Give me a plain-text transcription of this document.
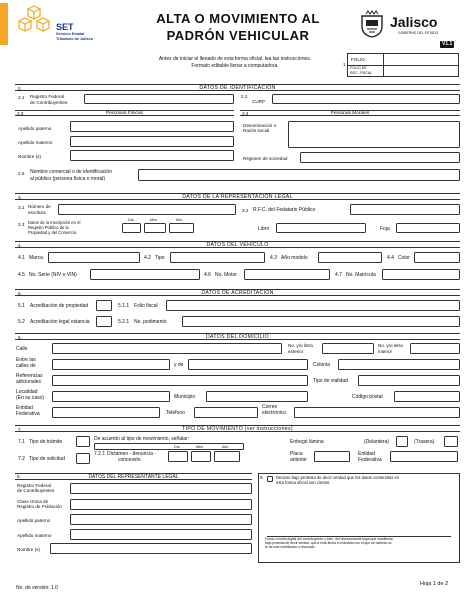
SET
Servicio Estatal
Tributario de Jalisco
ALTA O MOVIMIENTO AL
PADRÓN VEHICULAR
Jalisco
GOBIERNO DEL ESTADO
V1.1
Antes de iniciar el llenado de esta forma oficial, lea las instrucciones.
Formato editable llenar a computadora.	1.
FOLIO
FOLIO DE
REC. FISCAL
2.	DATOS DE IDENTIFICACIÓN
2.1 Registro Federal
de Contribuyentes
2.2
CURP
2.3	Personas Físicas	2.4	Personas Morales
Apellido paterno
Apellido materno
Nombre (s)
Denominación o
Razón social
Régimen de sociedad
2.5 Nombre comercial o de identificación
al público (persona física o moral)
3.	DATOS DE LA REPRESENTACIÓN LEGAL
3.1 Número de
escritura	3.2 R.F.C. del Fedatario Público
3.3 Datos de la inscripción en el
Registro Público de la
Propiedad y del Comercio.
Día	Mes	Año
Libro	Foja
4.	DATOS DEL VEHÍCULO
4.1 Marca	4.2 Tipo	4.3 Año modelo	4.4 Color
4.5 No. Serie (NIV o VIN)	4.6 No. Motor	4.7 No. Matrícula
5.	DATOS DE ACREDITACIÓN
5.1 Acreditación de propiedad	5.1.1 Folio fiscal
5.2 Acreditación legal estancia	5.2.1 No. pedimento
6.	DATOS DEL DOMICILIO
Calle
No. y/o letra
exterior
No. y/o letra
interior
Entre las
calles de	y de	Colonia
Referencias
adicionales	Tipo de vialidad
Localidad
(En su caso)	Municipio	Código postal
Entidad
Federativa	Teléfono
Correo
electrónico
7.	TIPO DE MOVIMIENTO (ver instrucciones)
7.1 Tipo de trámite	De acuerdo al tipo de movimiento, señalar:	Entregó lámina	(Delantera)	(Trasera)
7.2 Tipo de solicitud
7.2.1 Dictamen - denuncia -
concesión
Día	Mes	Año
Placa
anterior
Entidad
Federativa
8.	DATOS DEL REPRESENTANTE LEGAL
Registro Federal
de Contribuyentes
Clave Única de
Registro de Población
Apellido paterno
Apellido materno
Nombre (s)
9.	Declaro bajo protesta de decir verdad que los datos contenidos en
esta forma oficial son ciertos.
Firma o huella digital del contribuyente o bien, del representante legal que manifiesta
bajo protesta de decir verdad, que a esta fecha el mandato con el que se ostenta no
le ha sido modificado o revocado.
No. de versión: 1.0
Hoja 1 de 2
